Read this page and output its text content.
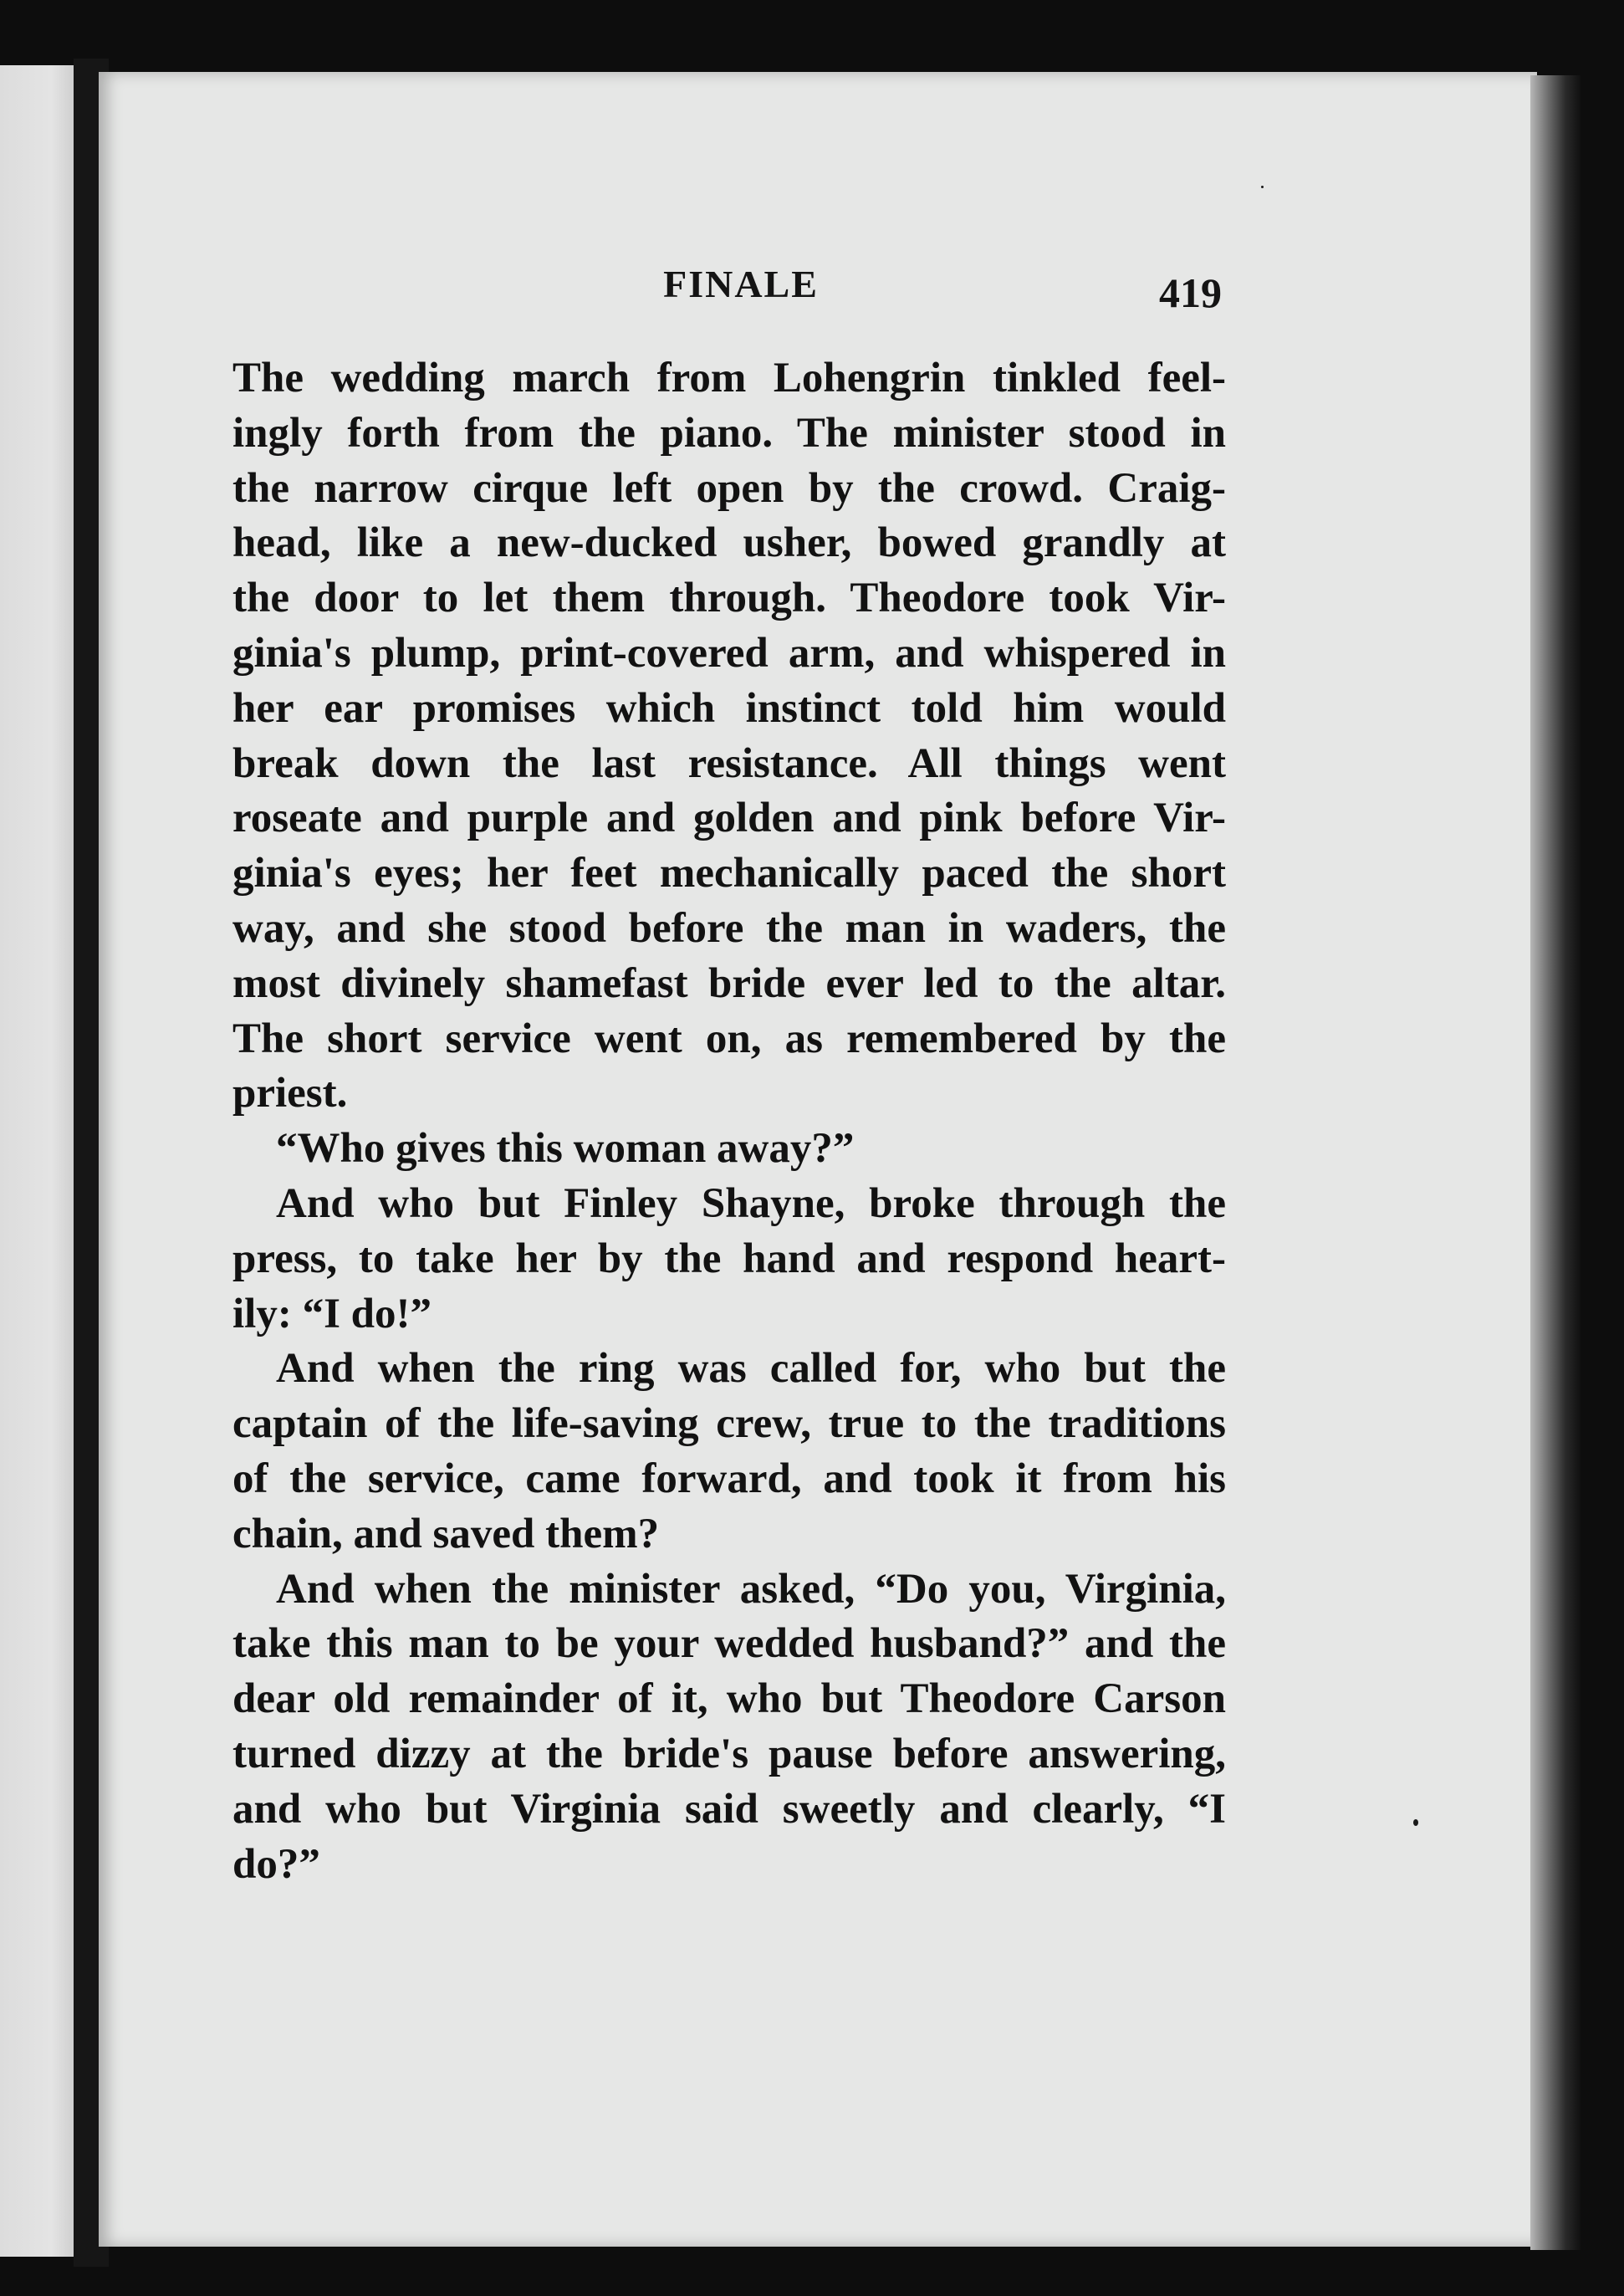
FINALE	419
The wedding march from Lohengrin tinkled feel-
ingly forth from the piano. The minister stood in
the narrow cirque left open by the crowd. Craig-
head, like a new-ducked usher, bowed grandly at
the door to let them through. Theodore took Vir-
ginia's plump, print-covered arm, and whispered in
her ear promises which instinct told him would
break down the last resistance. All things went
roseate and purple and golden and pink before Vir-
ginia's eyes; her feet mechanically paced the short
way, and she stood before the man in waders, the
most divinely shamefast bride ever led to the altar.
The short service went on, as remembered by the
priest.
“Who gives this woman away?”
And who but Finley Shayne, broke through the
press, to take her by the hand and respond heart-
ily: “I do!”
And when the ring was called for, who but the
captain of the life-saving crew, true to the traditions
of the service, came forward, and took it from his
chain, and saved them?
And when the minister asked, “Do you, Virginia,
take this man to be your wedded husband?” and the
dear old remainder of it, who but Theodore Carson
turned dizzy at the bride's pause before answering,
and who but Virginia said sweetly and clearly, “I
do?”
